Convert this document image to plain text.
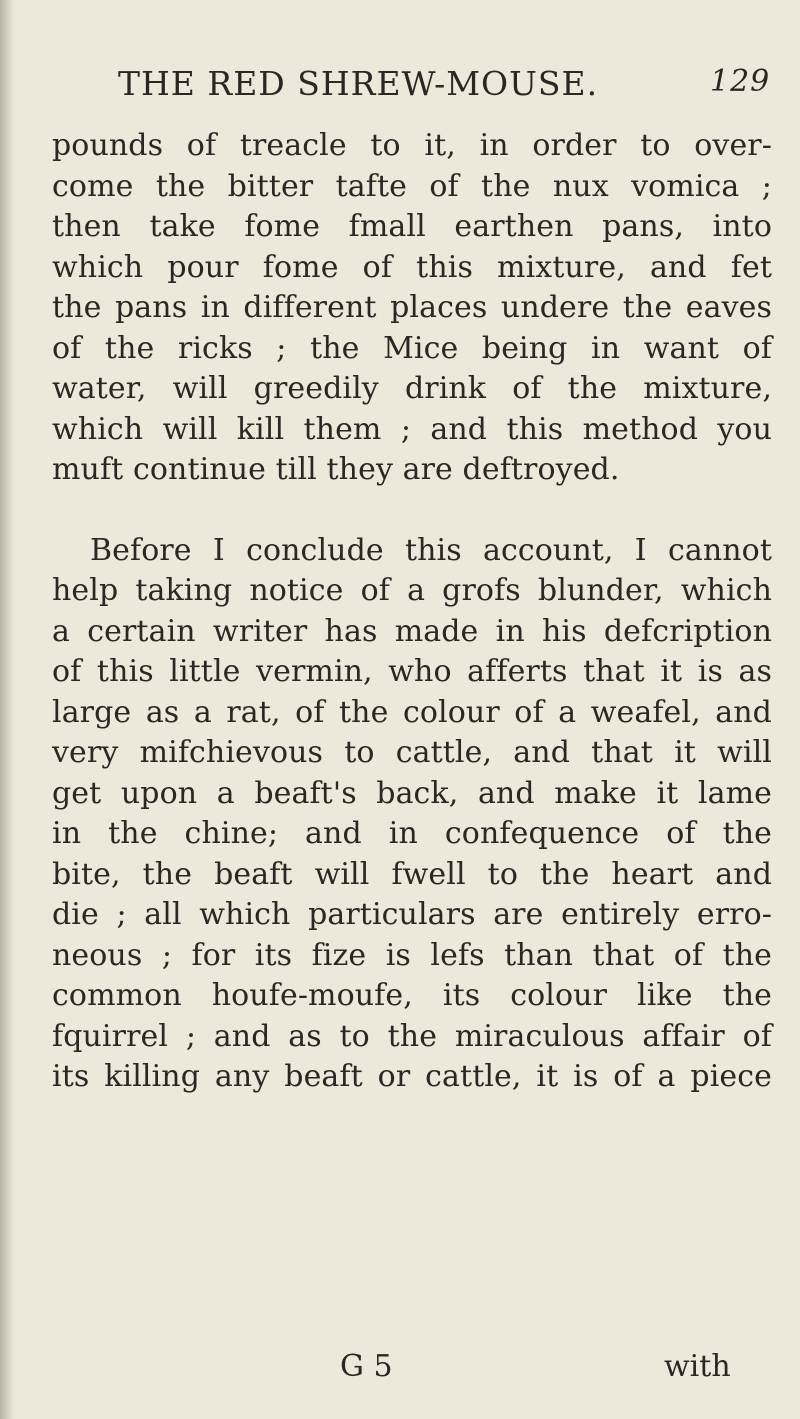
THE RED SHREW-MOUSE.	129
pounds of treacle to it, in order to over-
come the bitter tafte of the nux vomica ;
then take fome fmall earthen pans, into
which pour fome of this mixture, and fet
the pans in different places undere the eaves
of the ricks ; the Mice being in want of
water, will greedily drink of the mixture,
which will kill them ; and this method you
muft continue till they are deftroyed.
Before I conclude this account, I cannot
help taking notice of a grofs blunder, which
a certain writer has made in his defcription
of this little vermin, who afferts that it is as
large as a rat, of the colour of a weafel, and
very mifchievous to cattle, and that it will
get upon a beaft's back, and make it lame
in the chine; and in confequence of the
bite, the beaft will fwell to the heart and
die ; all which particulars are entirely erro-
neous ; for its fize is lefs than that of the
common houfe-moufe, its colour like the
fquirrel ; and as to the miraculous affair of
its killing any beaft or cattle, it is of a piece
G 5	with
